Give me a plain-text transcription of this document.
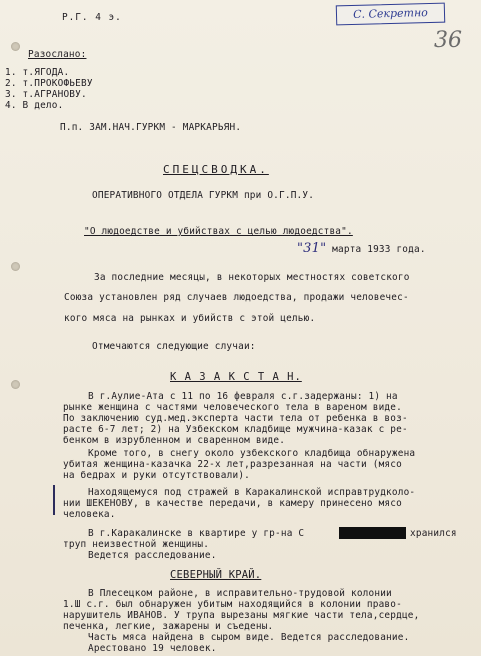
Р.Г. 4 э.	С. Секретно
36
Разослано:
1. т.ЯГОДА.
2. т.ПРОКОФЬЕВУ
3. т.АГРАНОВУ.
4. В дело.
П.п. ЗАМ.НАЧ.ГУРКМ - МАРКАРЬЯН.
СПЕЦСВОДКА.
ОПЕРАТИВНОГО ОТДЕЛА ГУРКМ при О.Г.П.У.
"О людоедстве и убийствах с целью людоедства".
"31" марта 1933 года.
За последние месяцы, в некоторых местностях советского
Союза установлен ряд случаев людоедства, продажи человечес-
кого мяса на рынках и убийств с этой целью.
Отмечаются следующие случаи:
К А З А К С Т А Н.
В г.Аулие-Ата с 11 по 16 февраля с.г.задержаны: 1) на
рынке женщина с частями человеческого тела в вареном виде.
По заключению суд.мед.эксперта части тела от ребенка в воз-
расте 6-7 лет; 2) на Узбекском кладбище мужчина-казак с ре-
бенком в изрубленном и сваренном виде.
Кроме того, в снегу около узбекского кладбища обнаружена
убитая женщина-казачка 22-х лет,разрезанная на части (мясо
на бедрах и руки отсутствовали).
Находящемуся под стражей в Каракалинской исправтрудколо-
нии ШЕКЕНОВУ, в качестве передачи, в камеру принесено мясо
человека.
В г.Каракалинске в квартире у гр-на С	хранился
труп неизвестной женщины.
Ведется расследование.
СЕВЕРНЫЙ КРАЙ.
В Плесецком районе, в исправительно-трудовой колонии
1.Ш с.г. был обнаружен убитым находящийся в колонии право-
нарушитель ИВАНОВ. У трупа вырезаны мягкие части тела,сердце,
печенка, легкие, зажарены и съедены.
Часть мяса найдена в сыром виде. Ведется расследование.
Арестовано 19 человек.
